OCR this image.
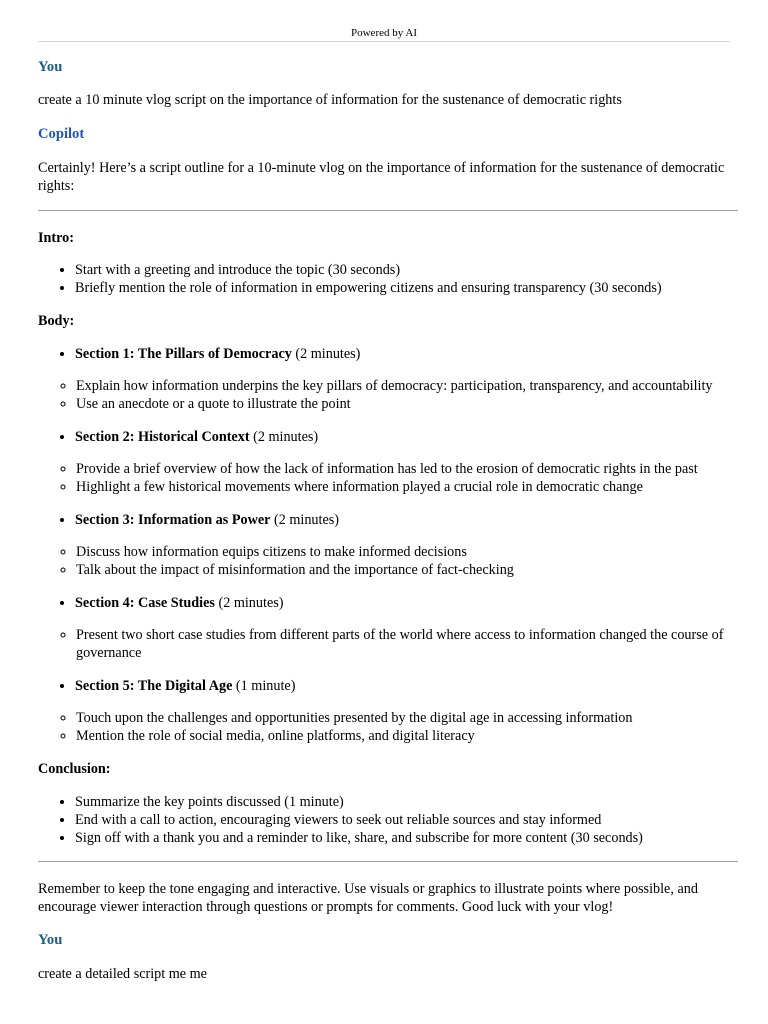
Powered by AI

You

create a 10 minute vlog script on the importance of information for the sustenance of democratic rights

Copilot

Certainly! Here’s a script outline for a 10-minute vlog on the importance of information for the sustenance of democratic rights:

Intro:

• Start with a greeting and introduce the topic (30 seconds)
• Briefly mention the role of information in empowering citizens and ensuring transparency (30 seconds)

Body:

• Section 1: The Pillars of Democracy (2 minutes)
◦ Explain how information underpins the key pillars of democracy: participation, transparency, and accountability
◦ Use an anecdote or a quote to illustrate the point
• Section 2: Historical Context (2 minutes)
◦ Provide a brief overview of how the lack of information has led to the erosion of democratic rights in the past
◦ Highlight a few historical movements where information played a crucial role in democratic change
• Section 3: Information as Power (2 minutes)
◦ Discuss how information equips citizens to make informed decisions
◦ Talk about the impact of misinformation and the importance of fact-checking
• Section 4: Case Studies (2 minutes)
◦ Present two short case studies from different parts of the world where access to information changed the course of governance
• Section 5: The Digital Age (1 minute)
◦ Touch upon the challenges and opportunities presented by the digital age in accessing information
◦ Mention the role of social media, online platforms, and digital literacy

Conclusion:

• Summarize the key points discussed (1 minute)
• End with a call to action, encouraging viewers to seek out reliable sources and stay informed
• Sign off with a thank you and a reminder to like, share, and subscribe for more content (30 seconds)

Remember to keep the tone engaging and interactive. Use visuals or graphics to illustrate points where possible, and encourage viewer interaction through questions or prompts for comments. Good luck with your vlog!

You

create a detailed script me me
